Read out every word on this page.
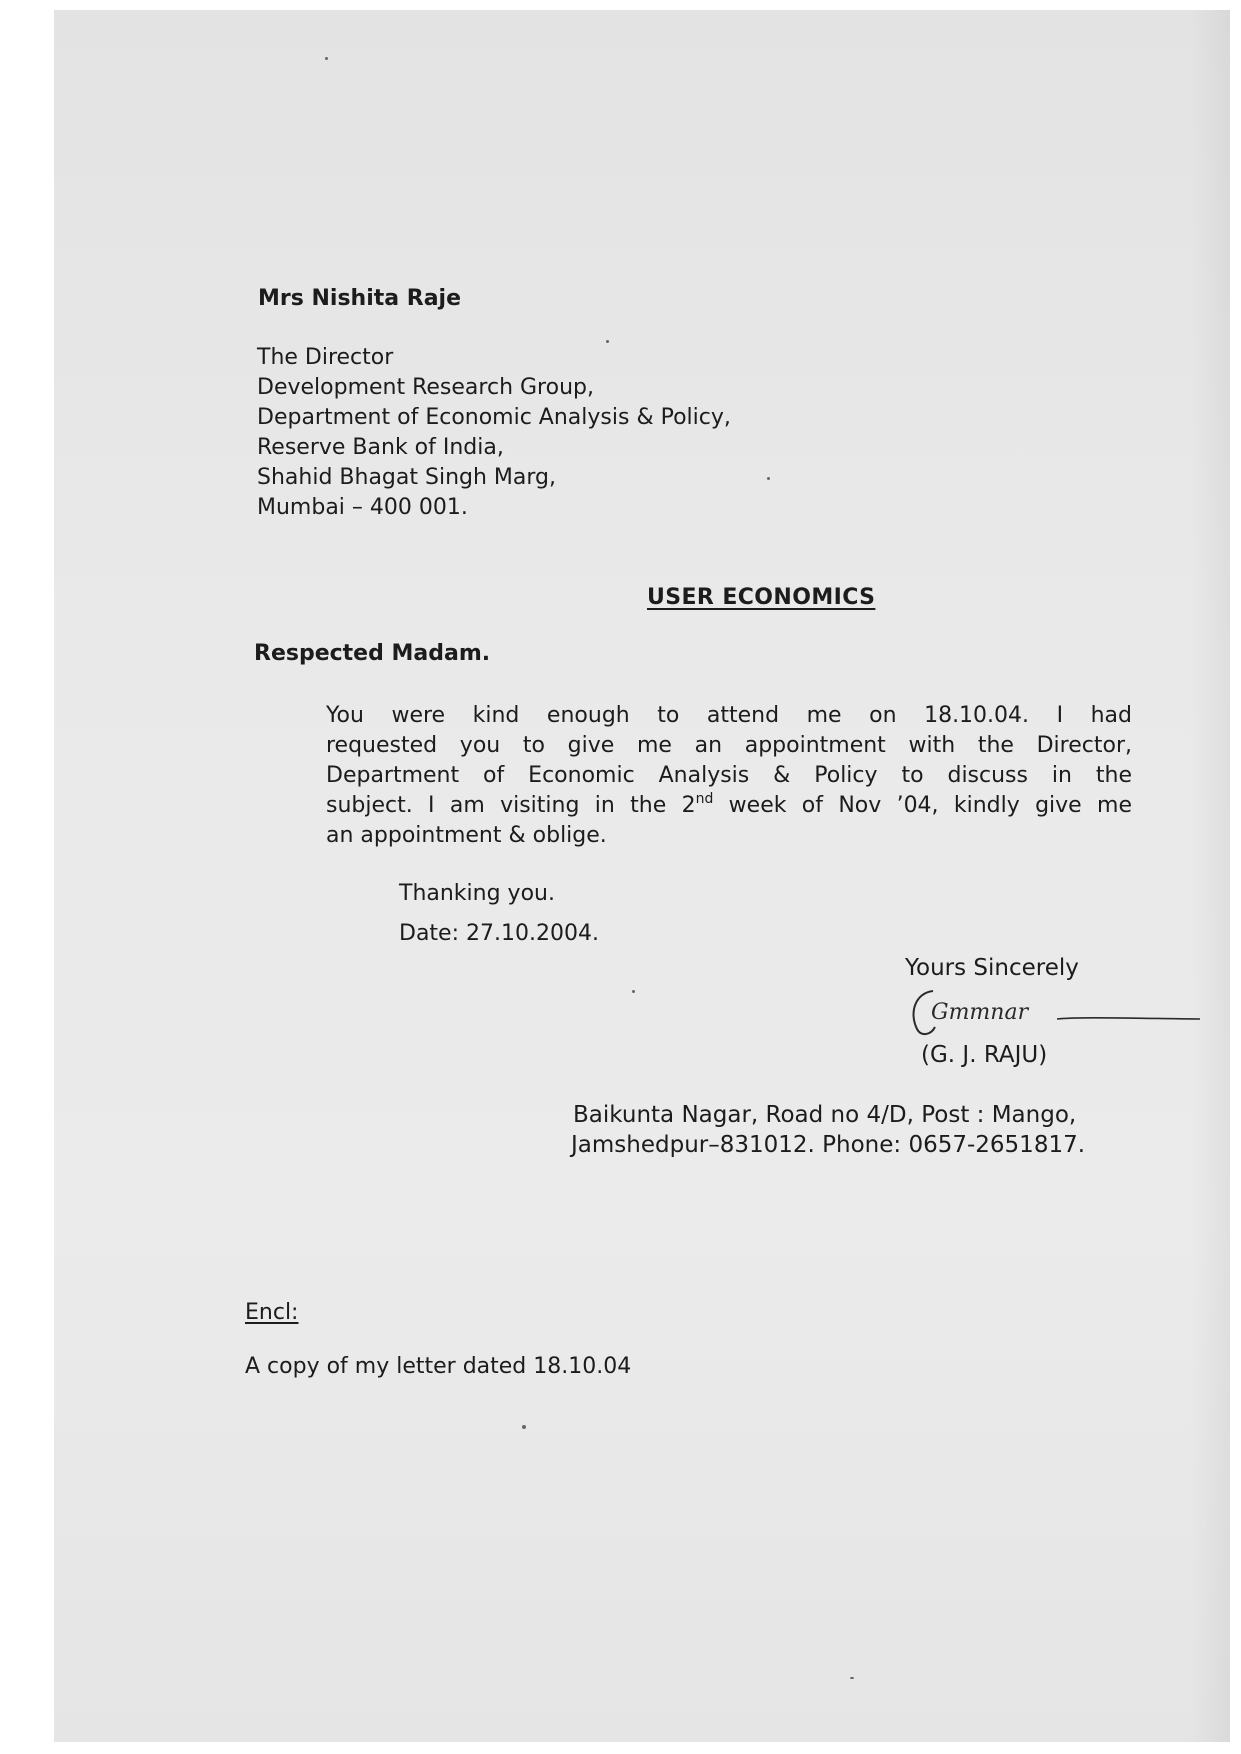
Mrs Nishita Raje
The Director
Development Research Group,
Department of Economic Analysis & Policy,
Reserve Bank of India,
Shahid Bhagat Singh Marg,
Mumbai – 400 001.
USER ECONOMICS
Respected Madam.
You were kind enough to attend me on 18.10.04. I had
requested you to give me an appointment with the Director,
Department of Economic Analysis & Policy to discuss in the
subject. I am visiting in the 2nd week of Nov ’04, kindly give me
an appointment & oblige.
Thanking you.
Date: 27.10.2004.
Yours Sincerely
Gmmnar
(G. J. RAJU)
Baikunta Nagar, Road no 4/D, Post : Mango,
Jamshedpur–831012. Phone: 0657-2651817.
Encl:
A copy of my letter dated 18.10.04
